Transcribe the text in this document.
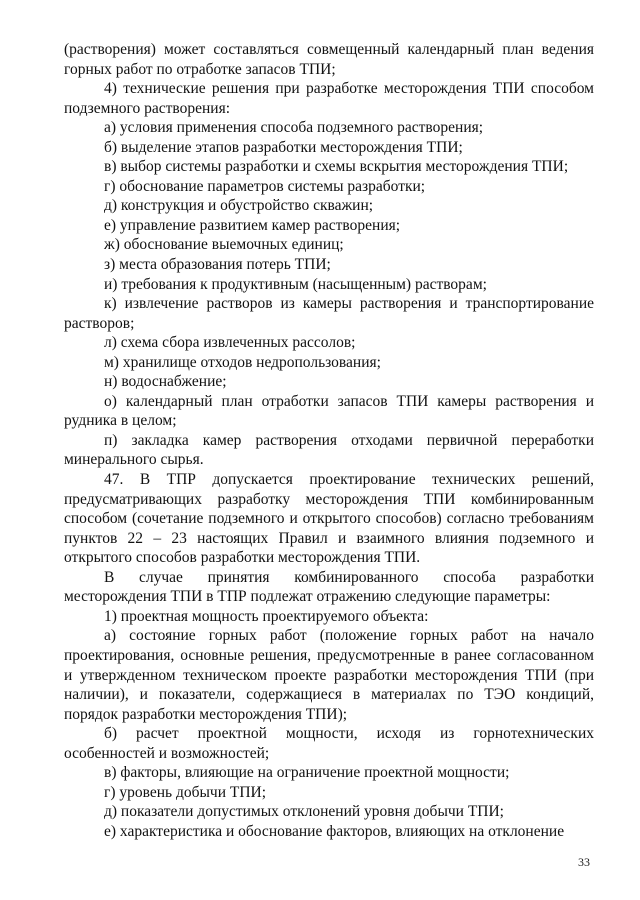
(растворения) может составляться совмещенный календарный план ведения горных работ по отработке запасов ТПИ;

4) технические решения при разработке месторождения ТПИ способом подземного растворения:

а) условия применения способа подземного растворения;

б) выделение этапов разработки месторождения ТПИ;

в) выбор системы разработки и схемы вскрытия месторождения ТПИ;

г) обоснование параметров системы разработки;

д) конструкция и обустройство скважин;

е) управление развитием камер растворения;

ж) обоснование выемочных единиц;

з) места образования потерь ТПИ;

и) требования к продуктивным (насыщенным) растворам;

к) извлечение растворов из камеры растворения и транспортирование растворов;

л) схема сбора извлеченных рассолов;

м) хранилище отходов недропользования;

н) водоснабжение;

о) календарный план отработки запасов ТПИ камеры растворения и рудника в целом;

п) закладка камер растворения отходами первичной переработки минерального сырья.

47. В ТПР допускается проектирование технических решений, предусматривающих разработку месторождения ТПИ комбинированным способом (сочетание подземного и открытого способов) согласно требованиям пунктов 22 – 23 настоящих Правил и взаимного влияния подземного и открытого способов разработки месторождения ТПИ.

В случае принятия комбинированного способа разработки месторождения ТПИ в ТПР подлежат отражению следующие параметры:

1) проектная мощность проектируемого объекта:

а) состояние горных работ (положение горных работ на начало проектирования, основные решения, предусмотренные в ранее согласованном и утвержденном техническом проекте разработки месторождения ТПИ (при наличии), и показатели, содержащиеся в материалах по ТЭО кондиций, порядок разработки месторождения ТПИ);

б) расчет проектной мощности, исходя из горнотехнических особенностей и возможностей;

в) факторы, влияющие на ограничение проектной мощности;

г) уровень добычи ТПИ;

д) показатели допустимых отклонений уровня добычи ТПИ;

е) характеристика и обоснование факторов, влияющих на отклонение

33
